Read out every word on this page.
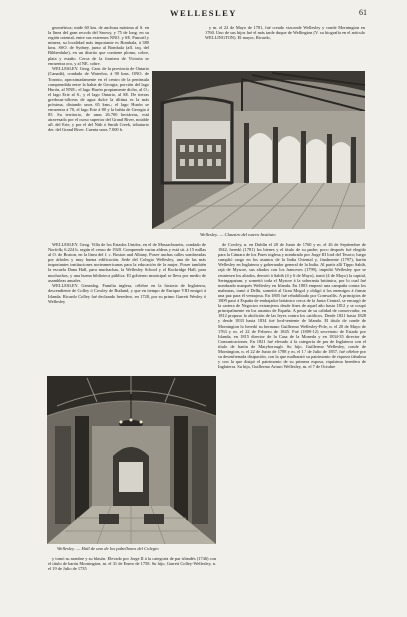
WELLESLEY	61

geométrica; mide 60 km. de anchura máxima al S. en la línea del gran recodo del Snowy, y 75 de long. en su región oriental, entre sus extremos NNO. y SE. Pastoril y minera, su localidad más importante es Bombala, á 380 kms. SSO. de Sydney, junto al Bombala (afl. izq. del Bibbenluke), en un distrito que contiene plomo, cobre, plata y estaño. Cerca de la frontera de Victoria se encuentra oro, y al NE. cobre.

WELLESLEY. Geog. Cant. de la provincia de Ontario (Canadá), condado de Waterloo, á 90 kms. ONO. de Toronto, aproximadamente en el centro de la península comprendida entre la bahía de Georgia, porción del lago Hurón, al NNE.; el lago Hurón propiamente dicho, al O.; el lago Erie al S., y el lago Ontario, al SE. De tierras gredosas-silíceas de agua dulce la última es la más próxima, distando unos 65 kms.; el lago Hurón se encuentra á 70, el lago Erie á 80 y la bahía de Georgia á 85. Su territorio, de unas 26.700 hectáreas, está atravesado por el curso superior del Grand River, notable afl. del Erie, y por el del Nith ó Smith Creek, tributario der. del Grand River. Cuenta unos 7.000 h.

y m. el 22 de Mayo de 1781, fué creado vizconde Wellesley y conde Mornington en 1760. Uno de sus hijos fué el más tarde duque de Wellington (V. su biografía en el artículo WELLINGTON). El mayor, Ricardo,

Wellesley. — Claustro del nuevo Instituto

WELLESLEY. Geog. Villa de los Estados Unidos, en el de Massachusetts, condado de Norfolk; 6.224 h. según el censo de 1920. Comprende varias aldeas y está sit. á 15 millas al O. de Boston, en la línea del f. c. Boston and Albany. Posee anchas calles sombreadas por árboles y muy buena edificación. Sede del Colegio Wellesley, una de las más importantes instituciones norteamericanas para la educación de la mujer. Posee también la escuela Dana Hall, para muchachas, la Wellesley School y el Rockridge Hall, para muchachos, y una buena biblioteca pública. El gobierno municipal se lleva por medio de asambleas anuales.

WELLESLEY. Genealog. Familia inglesa, célebre en la historia de Inglaterra, descendiente de Colley ó Cowley de Rutland, y que en tiempo de Enrique VIII emigró á Irlanda. Ricardo Colley fué declarado heredero, en 1728, por su primo Garrett Wesley ó Wellesley

Wellesley. — Hall de uno de los pabellones del Colegio

y tomó su nombre y su blasón. Elevado por Jorge II á la categoría de par irlandés (1746) con el título de barón Mornington, m. el 31 de Enero de 1758. Su hijo, Garrett Colley-Wellesley, n. el 19 de Julio de 1735

de Cowley, n. en Dublín el 20 de Junio de 1760 y m. el 26 de Septiembre de 1842, heredó (1781) los bienes y el título de su padre; poco después fué elegido para la Cámara de los Pares inglesa y nombrado por Jorge III lord del Tesoro; luego cumplió cargo en los asuntos de la India Oriental y, finalmente (1797), barón Wellesley en Inglaterra y gobernador general de la India. Al partir allí Tippo Sahib, rajá de Mysore, sus aliados con los franceses (1799), impidió Wellesley que se reuniesen los aliados, derrotó á Sahib (4 y 6 de Mayo), tomó (4 de Mayo) la capital, Seringapatam, y sometió toda el Mysore á la soberanía británica, por lo cual fué nombrado marqués Wellesley en Irlanda. En 1803 empezó una campaña contra los mahratas, tomó á Delhi, sometió al Gran Mogol y obligó á los enemigos á firmar una paz para él ventajosa. En 1805 fué rehabilitado por Cornwallis. A principios de 1809 pasó á España de embajador británico cerca de la Junta Central, se encargó de la cartera de Negocios extranjeros desde fines de aquel año hasta 1812 y se ocupó principalmente en los asuntos de España. A pesar de su calidad de conservador, en 1812 propuso la abolición de las leyes contra los católicos. Desde 1821 hasta 1828 y desde 1833 hasta 1834 fué lord-teniente de Irlanda. El título de conde de Mornington lo heredó su hermano Guillermo Wellesley-Pole, n. el 20 de Mayo de 1763 y m. el 22 de Febrero de 1845. Fué (1809-12) secretario de Estado por Irlanda, en 1815 director de la Casa de la Moneda y en 1834-35 director de Comunicaciones. En 1821 fué elevado á la categoría de par de Inglaterra con el título de barón de Maryborough. Su hijo, Guillermo Wellesley, conde de Mornington, n. el 22 de Junio de 1788 y m. el 1.º de Julio de 1857, fué célebre por su desenfrenada disipación, con la que malbarató su patrimonio de riqueza fabulosa y con la que disipó el patrimonio de su primera esposa, riquísima heredera de Inglaterra. Su hijo, Guillermo Arturo Wellesley, m. el 7 de Octubre
